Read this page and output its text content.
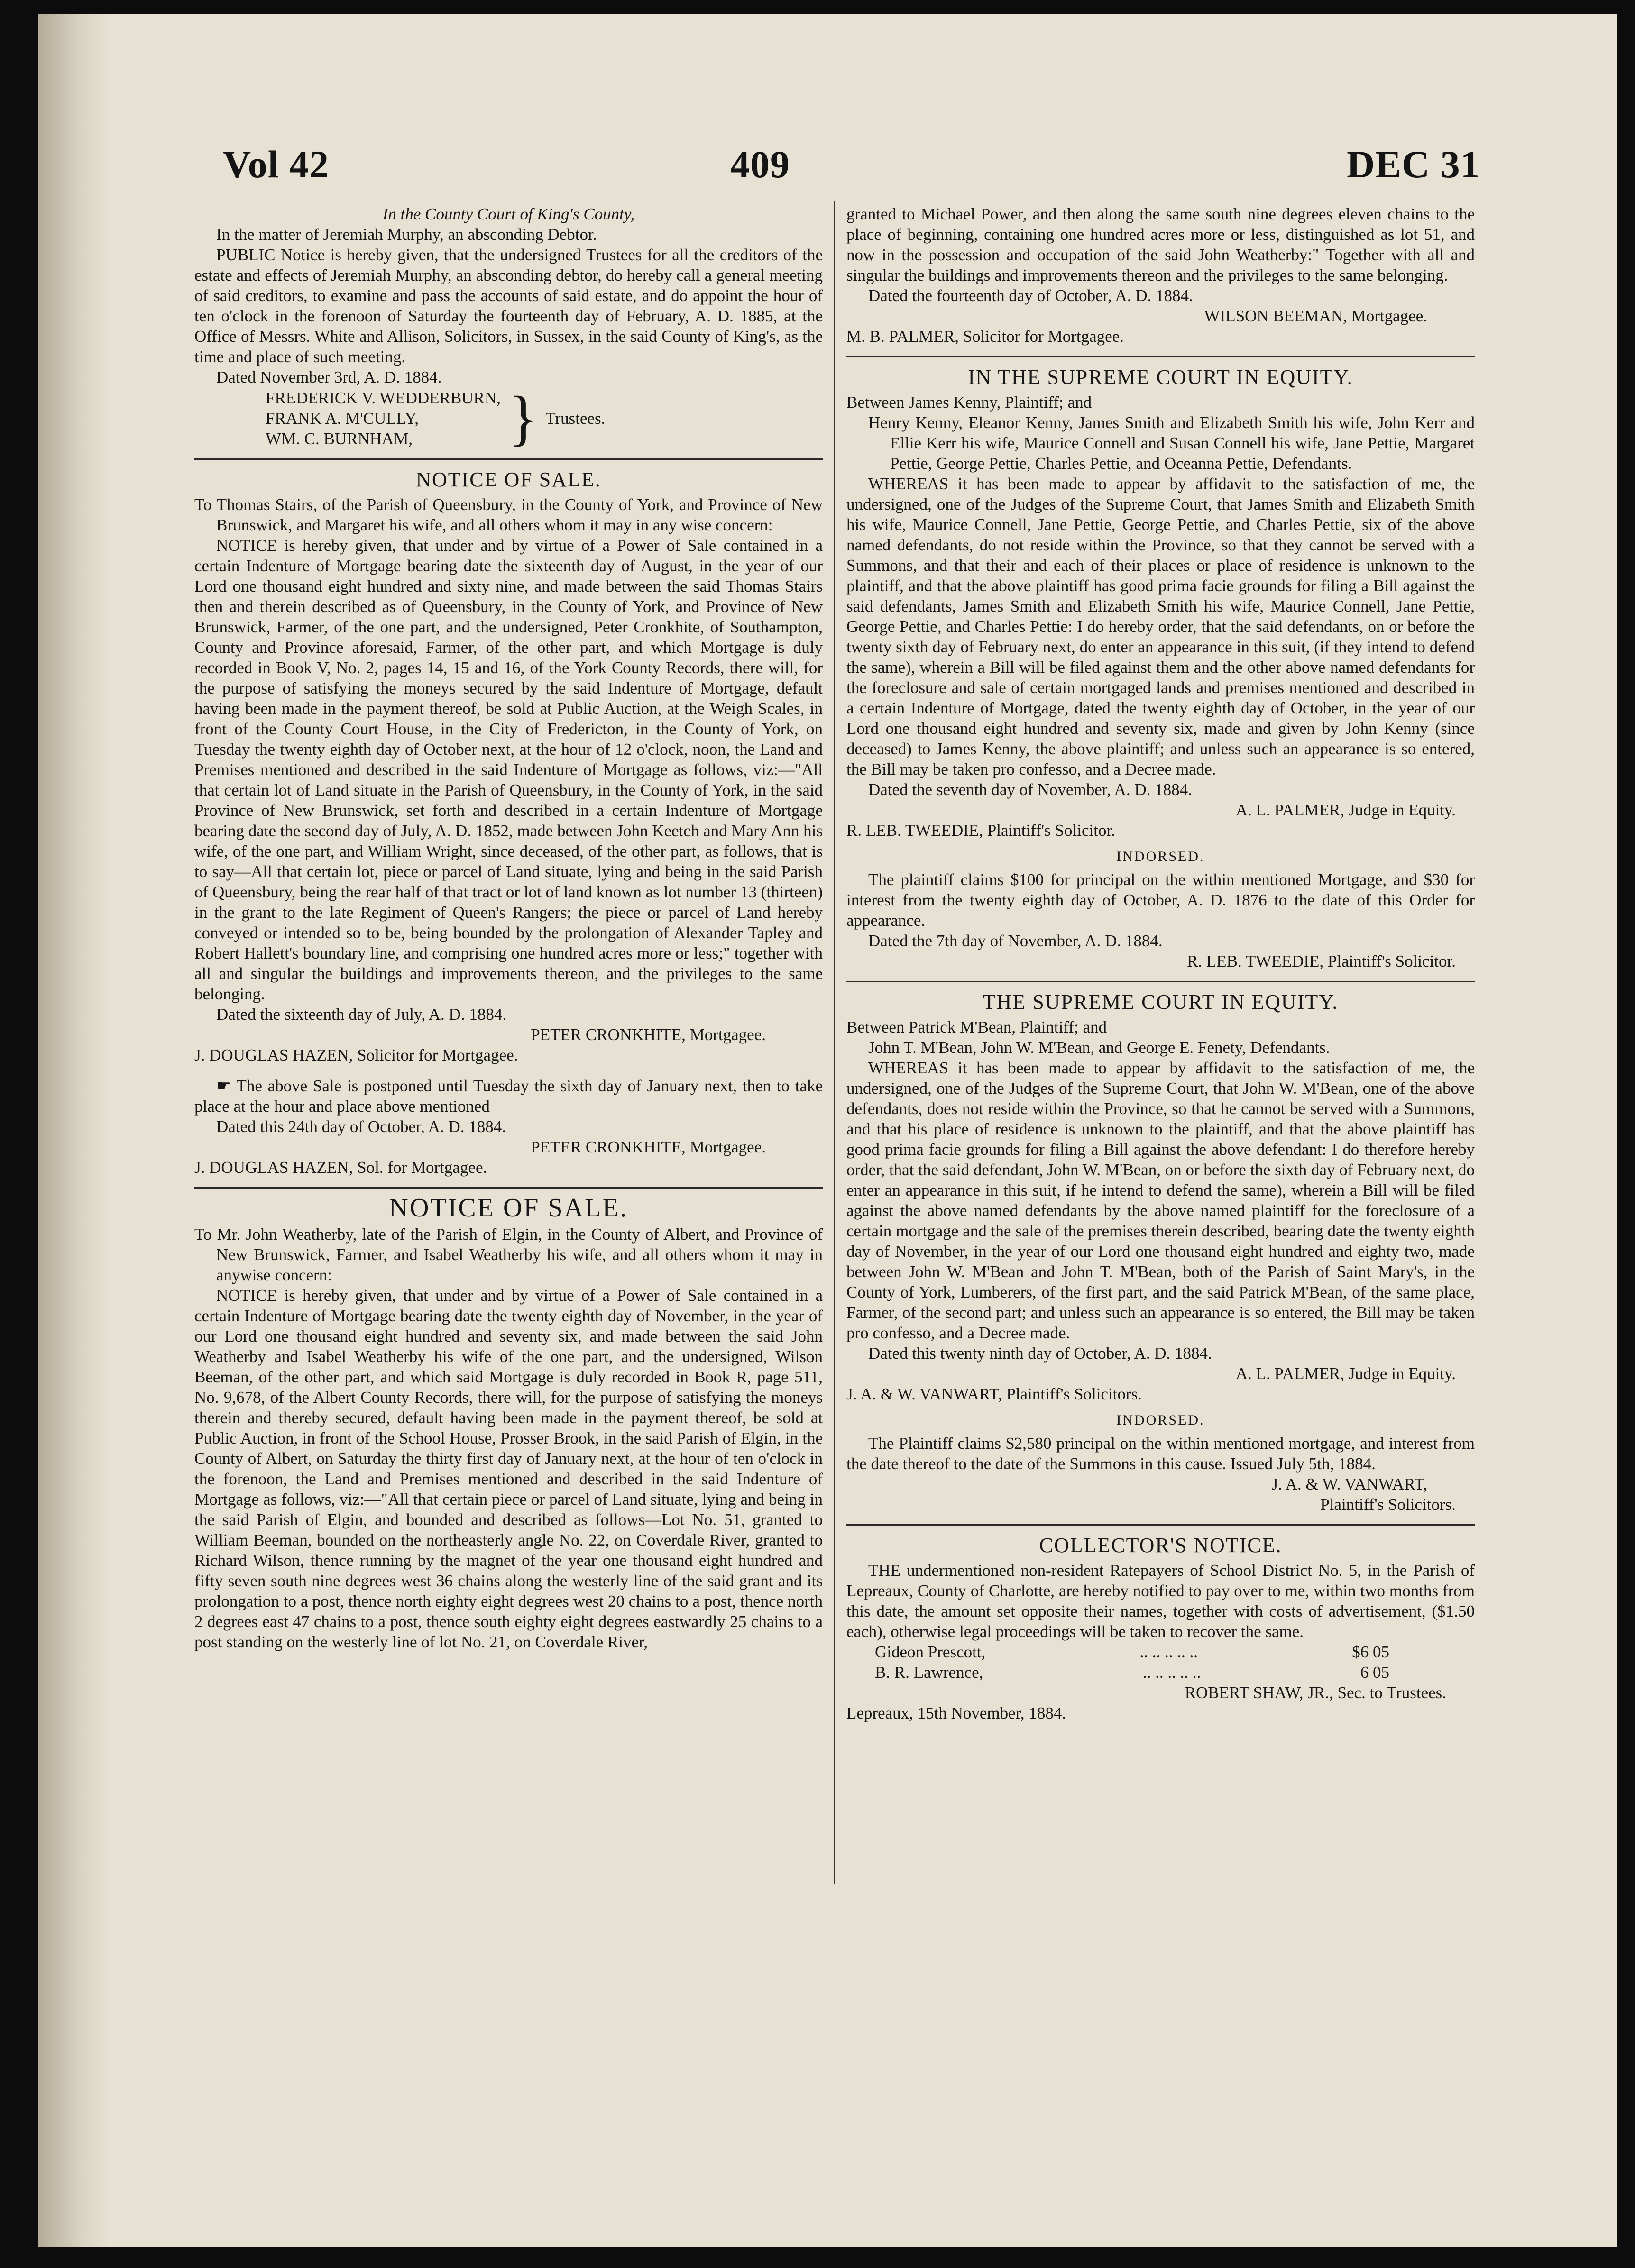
Vol 42	409	DEC 31

In the County Court of King's County,

In the matter of Jeremiah Murphy, an absconding Debtor.

PUBLIC Notice is hereby given, that the undersigned Trustees for all the creditors of the estate and effects of Jeremiah Murphy, an absconding debtor, do hereby call a general meeting of said creditors, to examine and pass the accounts of said estate, and do appoint the hour of ten o'clock in the forenoon of Saturday the fourteenth day of February, A. D. 1885, at the Office of Messrs. White and Allison, Solicitors, in Sussex, in the said County of King's, as the time and place of such meeting.

Dated November 3rd, A. D. 1884.

FREDERICK V. WEDDERBURN,

FRANK A. M'CULLY,

WM. C. BURNHAM,	} Trustees.
NOTICE OF SALE.

To Thomas Stairs, of the Parish of Queensbury, in the County of York, and Province of New Brunswick, and Margaret his wife, and all others whom it may in any wise concern:

NOTICE is hereby given, that under and by virtue of a Power of Sale contained in a certain Indenture of Mortgage bearing date the sixteenth day of August, in the year of our Lord one thousand eight hundred and sixty nine, and made between the said Thomas Stairs then and therein described as of Queensbury, in the County of York, and Province of New Brunswick, Farmer, of the one part, and the undersigned, Peter Cronkhite, of Southampton, County and Province aforesaid, Farmer, of the other part, and which Mortgage is duly recorded in Book V, No. 2, pages 14, 15 and 16, of the York County Records, there will, for the purpose of satisfying the moneys secured by the said Indenture of Mortgage, default having been made in the payment thereof, be sold at Public Auction, at the Weigh Scales, in front of the County Court House, in the City of Fredericton, in the County of York, on Tuesday the twenty eighth day of October next, at the hour of 12 o'clock, noon, the Land and Premises mentioned and described in the said Indenture of Mortgage as follows, viz:—"All that certain lot of Land situate in the Parish of Queensbury, in the County of York, in the said Province of New Brunswick, set forth and described in a certain Indenture of Mortgage bearing date the second day of July, A. D. 1852, made between John Keetch and Mary Ann his wife, of the one part, and William Wright, since deceased, of the other part, as follows, that is to say—All that certain lot, piece or parcel of Land situate, lying and being in the said Parish of Queensbury, being the rear half of that tract or lot of land known as lot number 13 (thirteen) in the grant to the late Regiment of Queen's Rangers; the piece or parcel of Land hereby conveyed or intended so to be, being bounded by the prolongation of Alexander Tapley and Robert Hallett's boundary line, and comprising one hundred acres more or less;" together with all and singular the buildings and improvements thereon, and the privileges to the same belonging.

Dated the sixteenth day of July, A. D. 1884.

PETER CRONKHITE, Mortgagee.

J. DOUGLAS HAZEN, Solicitor for Mortgagee.

☛ The above Sale is postponed until Tuesday the sixth day of January next, then to take place at the hour and place above mentioned

Dated this 24th day of October, A. D. 1884.

PETER CRONKHITE, Mortgagee.

J. DOUGLAS HAZEN, Sol. for Mortgagee.

NOTICE OF SALE.

To Mr. John Weatherby, late of the Parish of Elgin, in the County of Albert, and Province of New Brunswick, Farmer, and Isabel Weatherby his wife, and all others whom it may in anywise concern:

NOTICE is hereby given, that under and by virtue of a Power of Sale contained in a certain Indenture of Mortgage bearing date the twenty eighth day of November, in the year of our Lord one thousand eight hundred and seventy six, and made between the said John Weatherby and Isabel Weatherby his wife of the one part, and the undersigned, Wilson Beeman, of the other part, and which said Mortgage is duly recorded in Book R, page 511, No. 9,678, of the Albert County Records, there will, for the purpose of satisfying the moneys therein and thereby secured, default having been made in the payment thereof, be sold at Public Auction, in front of the School House, Prosser Brook, in the said Parish of Elgin, in the County of Albert, on Saturday the thirty first day of January next, at the hour of ten o'clock in the forenoon, the Land and Premises mentioned and described in the said Indenture of Mortgage as follows, viz:—"All that certain piece or parcel of Land situate, lying and being in the said Parish of Elgin, and bounded and described as follows—Lot No. 51, granted to William Beeman, bounded on the northeasterly angle No. 22, on Coverdale River, granted to Richard Wilson, thence running by the magnet of the year one thousand eight hundred and fifty seven south nine degrees west 36 chains along the westerly line of the said grant and its prolongation to a post, thence north eighty eight degrees west 20 chains to a post, thence north 2 degrees east 47 chains to a post, thence south eighty eight degrees eastwardly 25 chains to a post standing on the westerly line of lot No. 21, on Coverdale River,

granted to Michael Power, and then along the same south nine degrees eleven chains to the place of beginning, containing one hundred acres more or less, distinguished as lot 51, and now in the possession and occupation of the said John Weatherby:" Together with all and singular the buildings and improvements thereon and the privileges to the same belonging.

Dated the fourteenth day of October, A. D. 1884.

WILSON BEEMAN, Mortgagee.

M. B. PALMER, Solicitor for Mortgagee.

IN THE SUPREME COURT IN EQUITY.

Between James Kenny, Plaintiff; and

Henry Kenny, Eleanor Kenny, James Smith and Elizabeth Smith his wife, John Kerr and Ellie Kerr his wife, Maurice Connell and Susan Connell his wife, Jane Pettie, Margaret Pettie, George Pettie, Charles Pettie, and Oceanna Pettie, Defendants.

WHEREAS it has been made to appear by affidavit to the satisfaction of me, the undersigned, one of the Judges of the Supreme Court, that James Smith and Elizabeth Smith his wife, Maurice Connell, Jane Pettie, George Pettie, and Charles Pettie, six of the above named defendants, do not reside within the Province, so that they cannot be served with a Summons, and that their and each of their places or place of residence is unknown to the plaintiff, and that the above plaintiff has good prima facie grounds for filing a Bill against the said defendants, James Smith and Elizabeth Smith his wife, Maurice Connell, Jane Pettie, George Pettie, and Charles Pettie: I do hereby order, that the said defendants, on or before the twenty sixth day of February next, do enter an appearance in this suit, (if they intend to defend the same), wherein a Bill will be filed against them and the other above named defendants for the foreclosure and sale of certain mortgaged lands and premises mentioned and described in a certain Indenture of Mortgage, dated the twenty eighth day of October, in the year of our Lord one thousand eight hundred and seventy six, made and given by John Kenny (since deceased) to James Kenny, the above plaintiff; and unless such an appearance is so entered, the Bill may be taken pro confesso, and a Decree made.

Dated the seventh day of November, A. D. 1884.

A. L. PALMER, Judge in Equity.

R. LEB. TWEEDIE, Plaintiff's Solicitor.

INDORSED.

The plaintiff claims $100 for principal on the within mentioned Mortgage, and $30 for interest from the twenty eighth day of October, A. D. 1876 to the date of this Order for appearance.

Dated the 7th day of November, A. D. 1884.

R. LEB. TWEEDIE, Plaintiff's Solicitor.

THE SUPREME COURT IN EQUITY.

Between Patrick M'Bean, Plaintiff; and

John T. M'Bean, John W. M'Bean, and George E. Fenety, Defendants.

WHEREAS it has been made to appear by affidavit to the satisfaction of me, the undersigned, one of the Judges of the Supreme Court, that John W. M'Bean, one of the above defendants, does not reside within the Province, so that he cannot be served with a Summons, and that his place of residence is unknown to the plaintiff, and that the above plaintiff has good prima facie grounds for filing a Bill against the above defendant: I do therefore hereby order, that the said defendant, John W. M'Bean, on or before the sixth day of February next, do enter an appearance in this suit, if he intend to defend the same), wherein a Bill will be filed against the above named defendants by the above named plaintiff for the foreclosure of a certain mortgage and the sale of the premises therein described, bearing date the twenty eighth day of November, in the year of our Lord one thousand eight hundred and eighty two, made between John W. M'Bean and John T. M'Bean, both of the Parish of Saint Mary's, in the County of York, Lumberers, of the first part, and the said Patrick M'Bean, of the same place, Farmer, of the second part; and unless such an appearance is so entered, the Bill may be taken pro confesso, and a Decree made.

Dated this twenty ninth day of October, A. D. 1884.

A. L. PALMER, Judge in Equity.

J. A. & W. VANWART, Plaintiff's Solicitors.

INDORSED.

The Plaintiff claims $2,580 principal on the within mentioned mortgage, and interest from the date thereof to the date of the Summons in this cause. Issued July 5th, 1884.

J. A. & W. VANWART,

Plaintiff's Solicitors.

COLLECTOR'S NOTICE.

THE undermentioned non-resident Ratepayers of School District No. 5, in the Parish of Lepreaux, County of Charlotte, are hereby notified to pay over to me, within two months from this date, the amount set opposite their names, together with costs of advertisement, ($1.50 each), otherwise legal proceedings will be taken to recover the same.

Gideon Prescott,	.. .. .. .. ..	$6 05
B. R. Lawrence,	.. .. .. .. ..	6 05

ROBERT SHAW, JR., Sec. to Trustees.

Lepreaux, 15th November, 1884.
